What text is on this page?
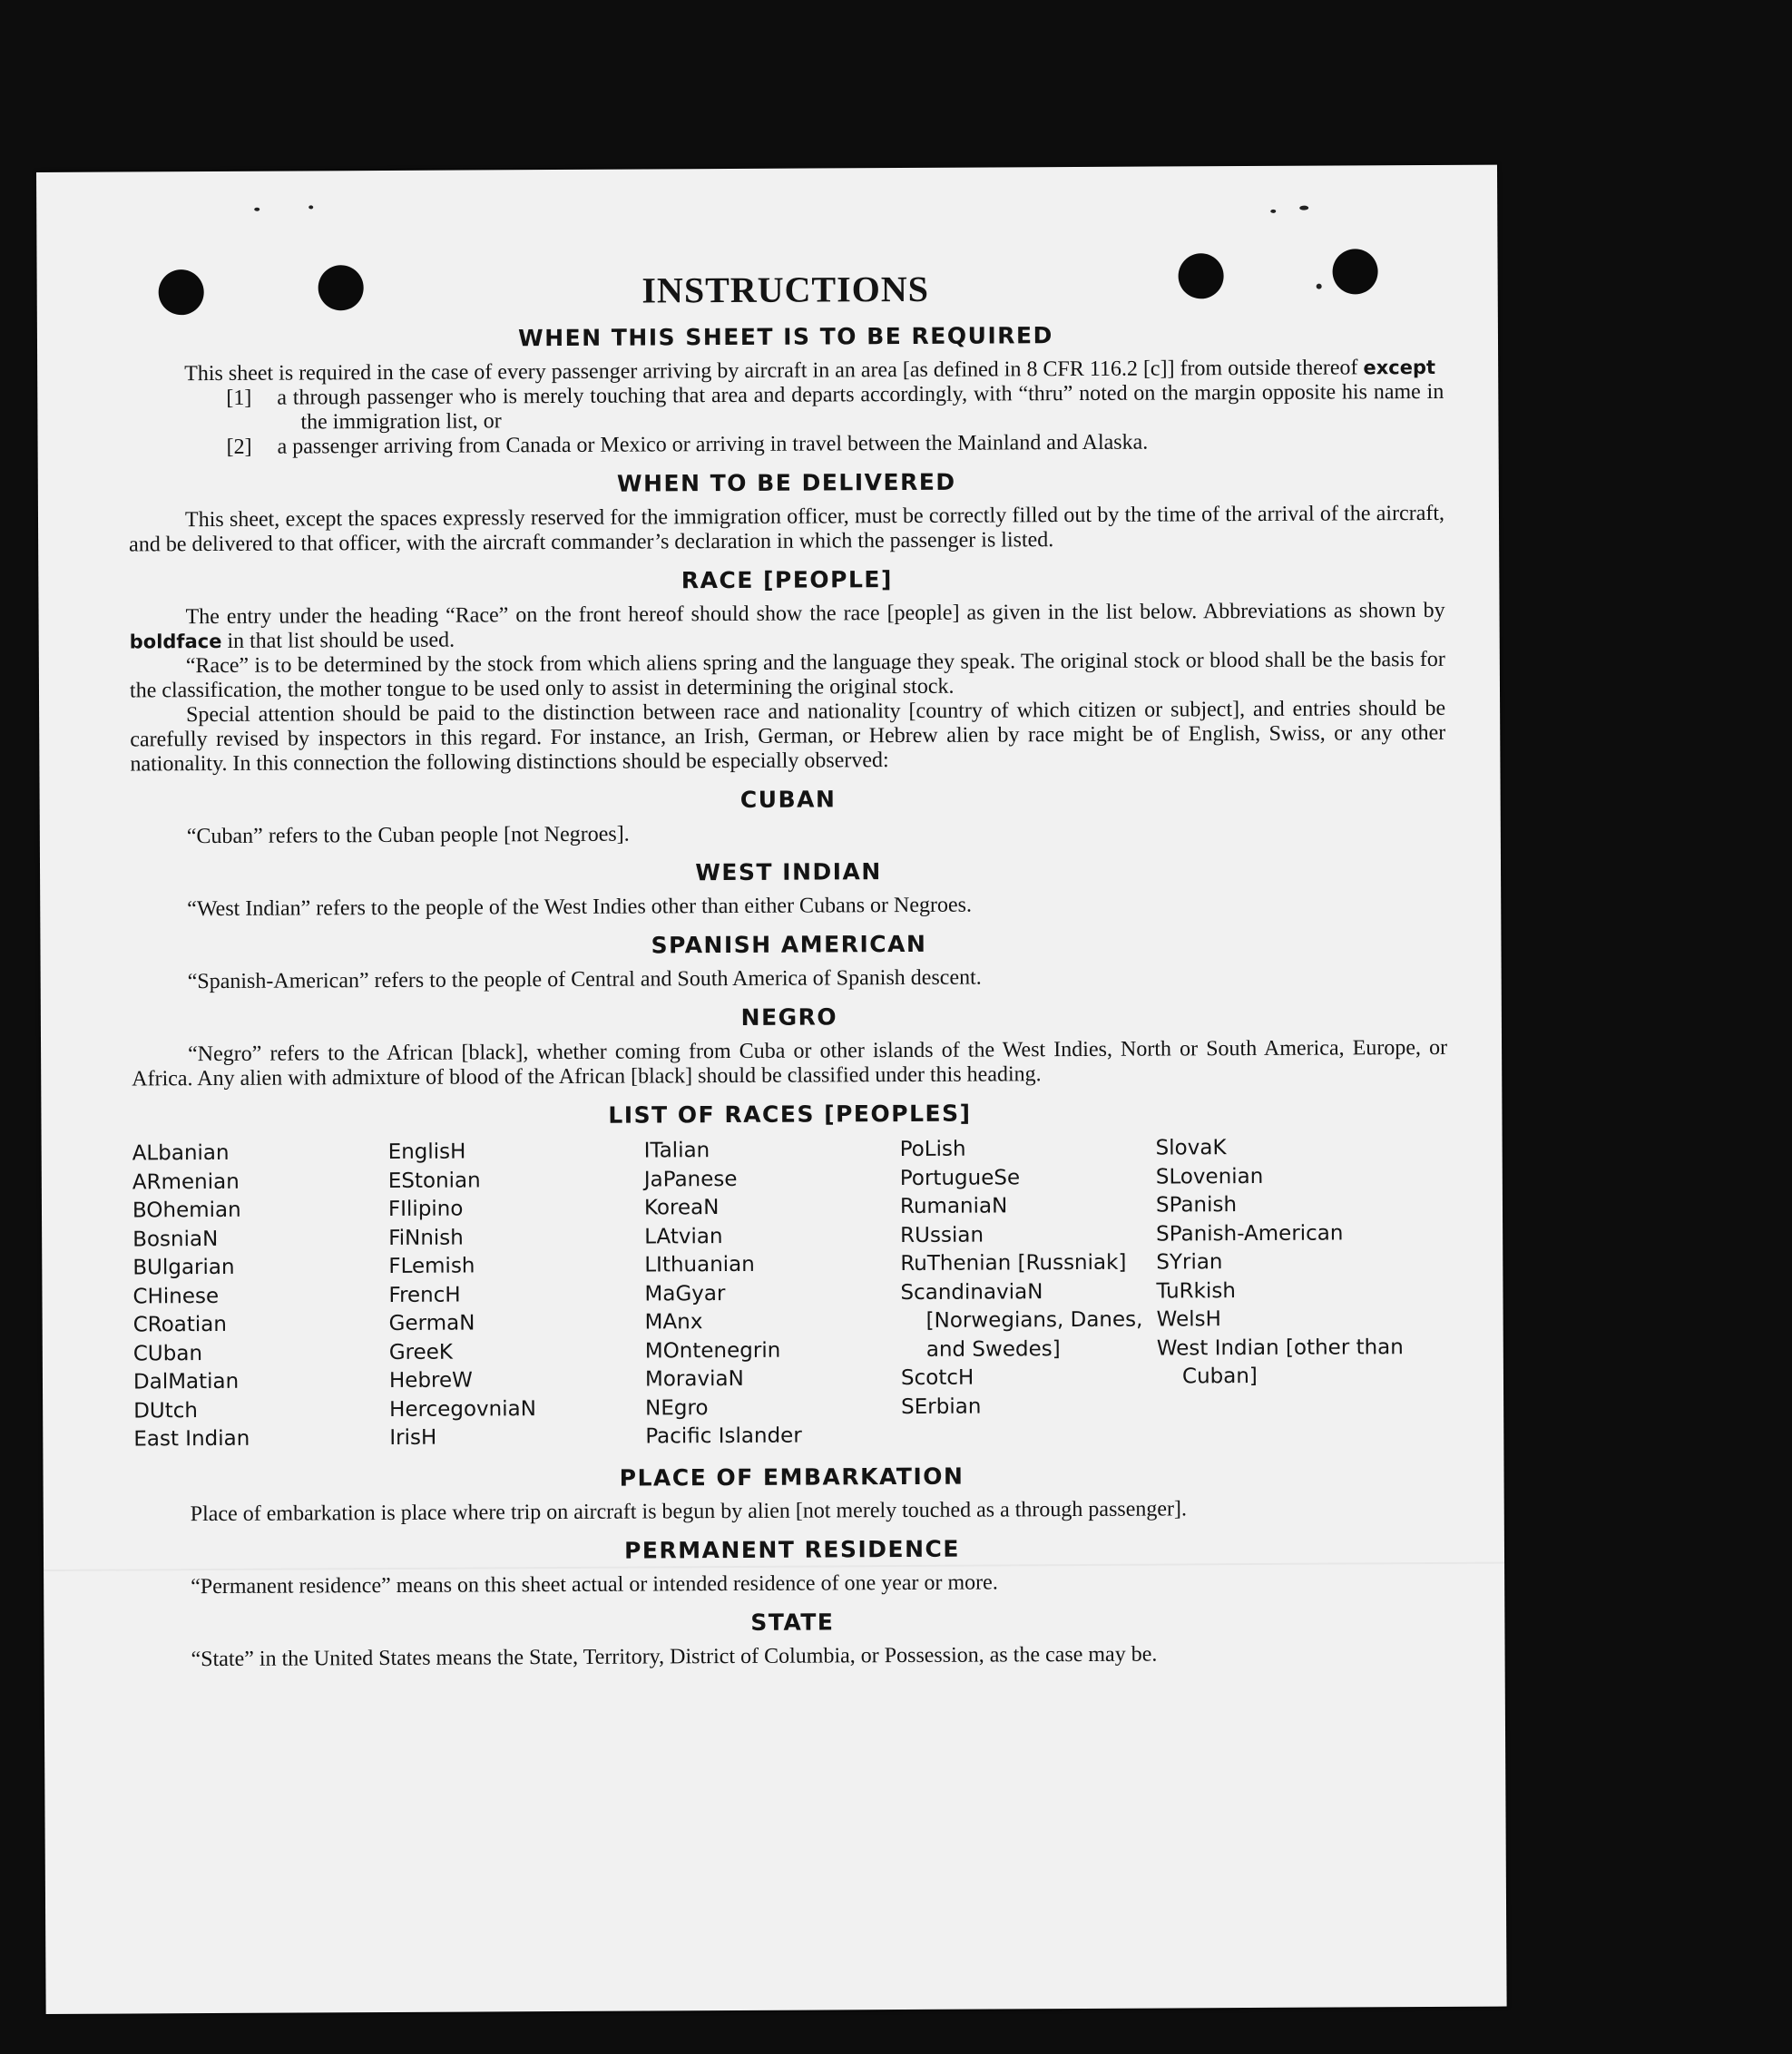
INSTRUCTIONS
WHEN THIS SHEET IS TO BE REQUIRED

This sheet is required in the case of every passenger arriving by aircraft in an area [as defined in 8 CFR 116.2 [c]] from outside thereof except

[1] a through passenger who is merely touching that area and departs accordingly, with “thru” noted on the margin opposite his name in the immigration list, or
[2] a passenger arriving from Canada or Mexico or arriving in travel between the Mainland and Alaska.
WHEN TO BE DELIVERED

This sheet, except the spaces expressly reserved for the immigration officer, must be correctly filled out by the time of the arrival of the aircraft, and be delivered to that officer, with the aircraft commander’s declaration in which the passenger is listed.

RACE [PEOPLE]

The entry under the heading “Race” on the front hereof should show the race [people] as given in the list below. Abbreviations as shown by boldface in that list should be used.

“Race” is to be determined by the stock from which aliens spring and the language they speak. The original stock or blood shall be the basis for the classification, the mother tongue to be used only to assist in determining the original stock.

Special attention should be paid to the distinction between race and nationality [country of which citizen or subject], and entries should be carefully revised by inspectors in this regard. For instance, an Irish, German, or Hebrew alien by race might be of English, Swiss, or any other nationality. In this connection the following distinctions should be especially observed:

CUBAN

“Cuban” refers to the Cuban people [not Negroes].

WEST INDIAN

“West Indian” refers to the people of the West Indies other than either Cubans or Negroes.

SPANISH AMERICAN

“Spanish-American” refers to the people of Central and South America of Spanish descent.

NEGRO

“Negro” refers to the African [black], whether coming from Cuba or other islands of the West Indies, North or South America, Europe, or Africa. Any alien with admixture of blood of the African [black] should be classified under this heading.

LIST OF RACES [PEOPLES]
ALbanian
ARmenian
BOhemian
BosniaN
BUlgarian
CHinese
CRoatian
CUban
DalMatian
DUtch
East Indian
EnglisH
EStonian
FIlipino
FiNnish
FLemish
FrencH
GermaN
GreeK
HebreW
HercegovniaN
IrisH
ITalian
JaPanese
KoreaN
LAtvian
LIthuanian
MaGyar
MAnx
MOntenegrin
MoraviaN
NEgro
Pacific Islander
PoLish
PortugueSe
RumaniaN
RUssian
RuThenian [Russniak]
ScandinaviaN [Norwegians, Danes, and Swedes]
ScotcH
SErbian
SlovaK
SLovenian
SPanish
SPanish-American
SYrian
TuRkish
WelsH
West Indian [other than Cuban]
PLACE OF EMBARKATION

Place of embarkation is place where trip on aircraft is begun by alien [not merely touched as a through passenger].

PERMANENT RESIDENCE

“Permanent residence” means on this sheet actual or intended residence of one year or more.

STATE

“State” in the United States means the State, Territory, District of Columbia, or Possession, as the case may be.
